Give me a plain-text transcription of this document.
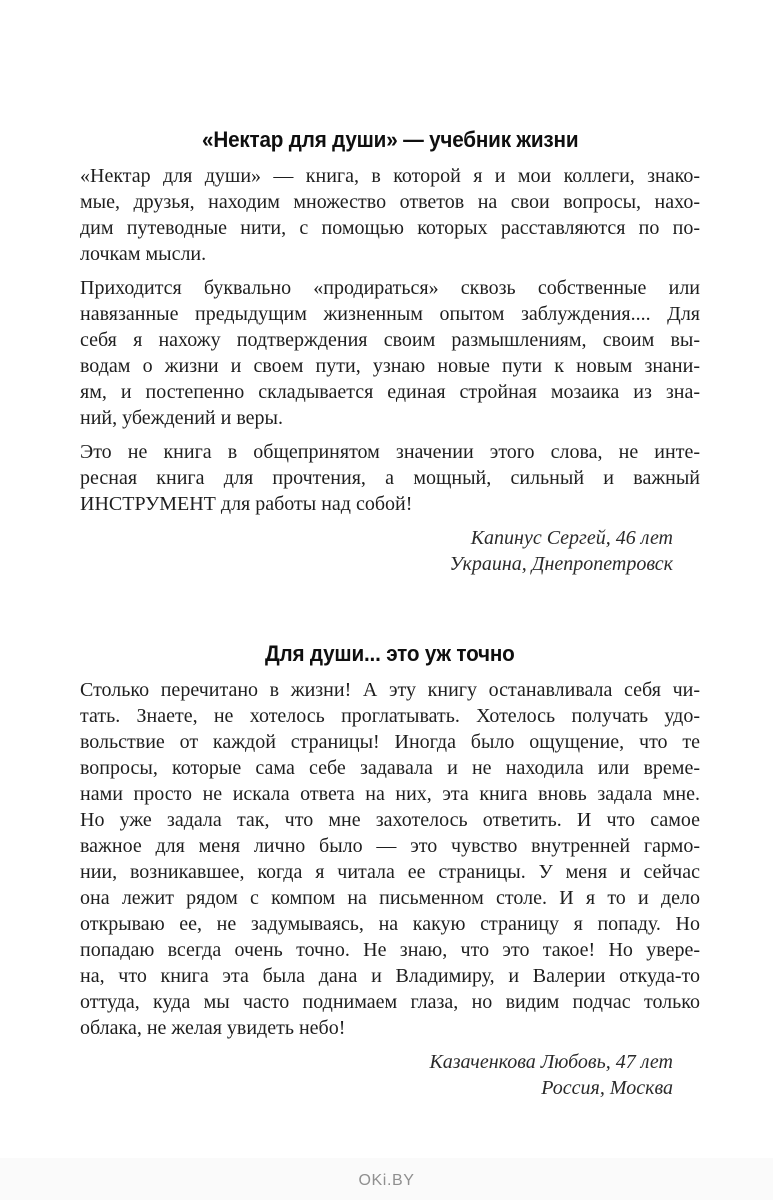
«Нектар для души» — учебник жизни
«Нектар для души» — книга, в которой я и мои коллеги, знако-
мые, друзья, находим множество ответов на свои вопросы, нахо-
дим путеводные нити, с помощью которых расставляются по по-
лочкам мысли.
Приходится буквально «продираться» сквозь собственные или
навязанные предыдущим жизненным опытом заблуждения.... Для
себя я нахожу подтверждения своим размышлениям, своим вы-
водам о жизни и своем пути, узнаю новые пути к новым знани-
ям, и постепенно складывается единая стройная мозаика из зна-
ний, убеждений и веры.
Это не книга в общепринятом значении этого слова, не инте-
ресная книга для прочтения, а мощный, сильный и важный
ИНСТРУМЕНТ для работы над собой!
Капинус Сергей, 46 лет
Украина, Днепропетровск
Для души... это уж точно
Столько перечитано в жизни! А эту книгу останавливала себя чи-
тать. Знаете, не хотелось проглатывать. Хотелось получать удо-
вольствие от каждой страницы! Иногда было ощущение, что те
вопросы, которые сама себе задавала и не находила или време-
нами просто не искала ответа на них, эта книга вновь задала мне.
Но уже задала так, что мне захотелось ответить. И что самое
важное для меня лично было — это чувство внутренней гармо-
нии, возникавшее, когда я читала ее страницы. У меня и сейчас
она лежит рядом с компом на письменном столе. И я то и дело
открываю ее, не задумываясь, на какую страницу я попаду. Но
попадаю всегда очень точно. Не знаю, что это такое! Но увере-
на, что книга эта была дана и Владимиру, и Валерии откуда-то
оттуда, куда мы часто поднимаем глаза, но видим подчас только
облака, не желая увидеть небо!
Казаченкова Любовь, 47 лет
Россия, Москва
OKi.BY
